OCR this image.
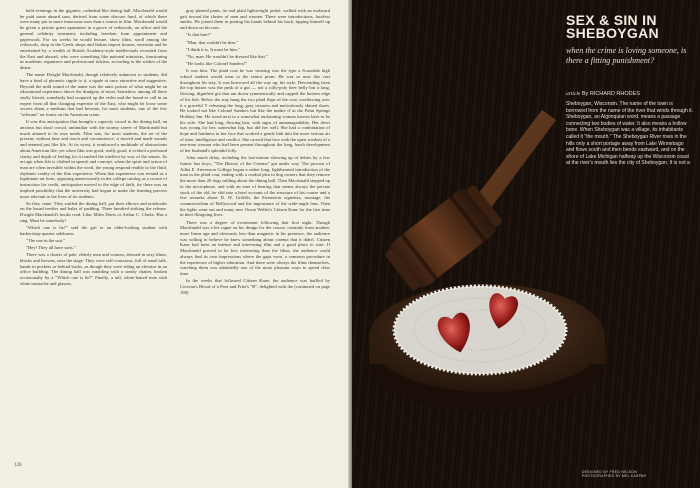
held evenings in the gigantic, cathedral-like dining hall. Macdonald would be paid some absurd sum, derived from some obscure fund, of which there were many put to more innocuous uses than a course in film. Macdonald would be given a private guest apartment in a grove of redwoods, an office and the general celebrity treatment, including freedom from appointment and paperwork. For six weeks he would lecture, show films, stroll among the redwoods, drop in the Greek shops and Italian import houses, entertain and be entertained by a wealth of British Academy-style intellectuals recruited from the East and abroad, who were something like national ministers, functioning as academic organizers and professional ticklers, according to the wishes of the deans.

The name Dwight Macdonald, though relatively unknown to students, did have a kind of phonetic ripple to it, a ripple at once attractive and suggestive. Beyond the mild sound of the name was the antic poison of what might be an educational experience above the drudgery of most. Somehow, among all these stuffy literati, somebody had conjured up the video and the brand to call in an expert from all that changing expertise of the East, who might let loose some secrets about a medium that had become, for most students, one of the few "relevant" art forms on the American scene.

It was this anticipation that brought a capacity crowd to the dining hall, an anxious but aloof crowd, unfamiliar with the stormy career of Macdonald but much attuned to its own needs. Film was, for most students, the art of the present; without time and touch and circumstance, it moved and made sounds and seemed just like life. At its worst, it reinforced a multitude of abstractions about American life; yet when film was good, really good, it evoked a profound clarity and depth of feeling for it touched the intellect by way of the senses. Its art age when life is clothed in speech and concept, when the spirit and action of man are often invisible within the word, the young respond readily to the fluid, rhythmic reality of the film experience. When that experience was treated as a legitimate art form, opposing unnecessarily in the college catalog as a course of instruction for credit, anticipation moved to the edge of faith, for there was an implied possibility that the university had begun to make the learning process more relevant to the lives of its students.

So they came. They stuffed the dining hall, put their elbows and notebooks on the broad trestles and bales of padding. Three hundred striking the release. Dwight Macdonald's books read, Lilac Miles Davis or Arthur C. Clarke. Has a ring. Must be somebody!

"Which one is he?" said the girl to an older-looking student with barbershop-quartet sideburns.

"The one in the suit."

"Hey! They all have suits."

There was a cluster of pale, elderly men and women, dressed in sexy blues, blocks and browns, near the stage. They were self-conscious, full of small talk, hands in pockets or behind backs, as though they were riding an elevator in an office building. The dining hall was rumbling with a steady chatter, broken occasionally by a "Which one is he?" Finally, a tall, white-haired man with white mustache and glasses,

gray pleated pants, tie and plaid lightweight jacket, walked with an awkward gait toward the cluster of men and women. There were introductions, faceless smiles. He joined them in putting his hands behind his back, tipping himself up and down on his toes.

"Is that him?"

"Man, that couldn't be him."

"I think it is. It must be him."

"No, man. He wouldn't be dressed like that."

"He looks like Colonel Sanders!"

It was him. The plaid coat he was wearing was the type a Scarsdale high school student would wear to the senior prom. He was so near this cast throughout his stay. It was borrowed all the way up, his style. Descending from the top button was the peak of a gut — not a rolly-poly beer belly but a long, flowing, dignified gut that ran down symmetrically and capped the bottom edge of his belt. Below the stay hung the two plaid flaps of the coat, swallowing over it a graceful V releasing the long, gray trousers and meticulously shined shoes. He looked not like Colonel Sanders but like the maître d' at the Palm Springs Holiday Inn. He stood next to a somewhat enchanting woman known later to be his wife. She had long, flowing hair, with signs of unmanageability. Her dress was young for her, somewhat hip, but did her well. She had a combination of hope and fondness in her face that worked a gentle link into the more serious air of time, intelligence and conflict. She carried that face with the open wisdom of a one-man woman who had been present throughout the long, harsh development of her husband's splendid folly.

After much delay, including the last-minute showing up of debris by a few frantic bus boys, "The History of the Cinema" got under way. The provost of Adlai E. Stevenson College began a rather long, lighthearted introduction of the man in the plaid coat, ending with a cordial plea to dog owners that they remove the more than 20 dogs milling about the dining hall. Then Macdonald stepped up to the microphone, and with an ease of bearing that seems always the private stock of the old, he slid into a brief account of the structure of his course and a few remarks about D. W. Griffith, the Eisenstein vignettes, montage, the commercialism of Hollywood and the importance of the wide-angle lens. Then the lights went out and many new Orson Welles's Citizen Kane for the first time in their flimgoing lives.

There was a degree of excitement following that first night. Though Macdonald was a bit vague on his design for the course, certainly from another, more linear age and obviously less than magnetic in his presence, the audience was willing to believe he knew something about cinema that it didn't. Citizen Kane had been an intense and interesting film and a good place to start. If Macdonald proved to be less interesting than the films, the audience could always find its own impressions where the gaps were, a common procedure in the experience of higher education. And there were always the films themselves, watching them was admittedly one of the more pleasant ways to spend class time.

In the weeks that followed Citizen Kane, the audience was baffled by Cocteau's Blood of a Poet and Fritz's "R". delighted with the (continued on page 190)

128
SEX & SIN IN
SHEBOYGAN
when the crime is loving someone, is there a fitting punishment?
article By RICHARD RHODES
Sheboygan, Wisconsin. The name of the town is borrowed from the name of the river that winds through it. Sheboygan, an Algonquian word, means a passage connecting two bodies of water. It also means a hollow bone. When Sheboygan was a village, its inhabitants called it "the mouth." The Sheboygan River rises in the hills only a short portage away from Lake Winnebago and flows south and then bends eastward, and on the shore of Lake Michigan halfway up the Wisconsin coast at the river's mouth lies the city of Sheboygan. It is not a
DESIGNED BY FRED NELSON
PHOTOGRAPHED BY MEL KASPAR
